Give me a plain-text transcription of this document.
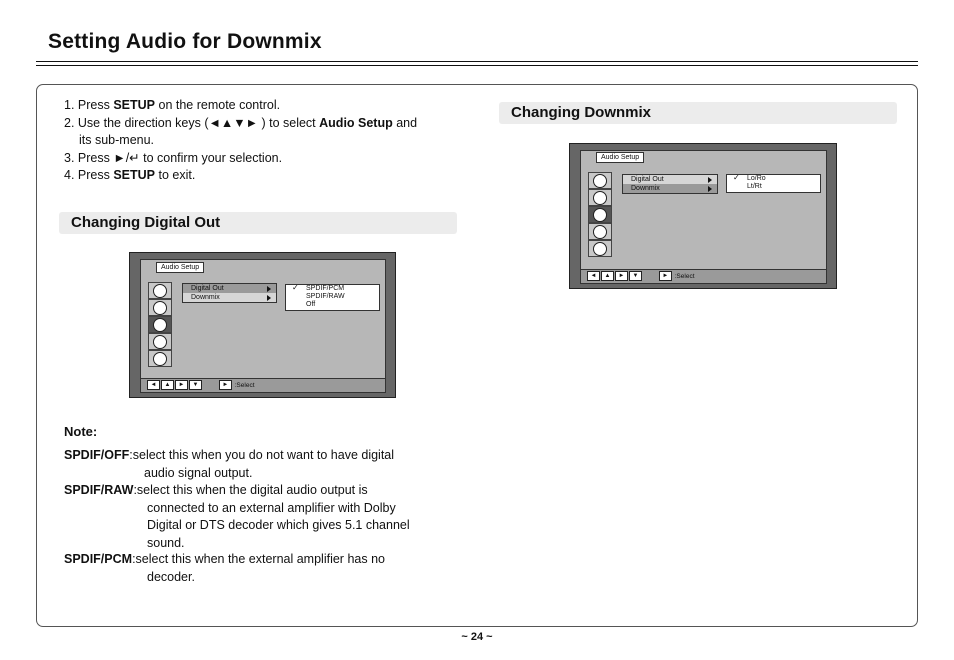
Setting Audio for Downmix
1. Press SETUP on the remote control.
2. Use the direction keys (◄▲▼► ) to select Audio Setup and
its sub-menu.
3. Press ►/↵ to confirm your selection.
4. Press SETUP to exit.
Changing Digital Out
Changing Downmix
Audio Setup
Digital Out
Downmix
✓ SPDIF/PCM
SPDIF/RAW
Off
◄ ▲ ► ▼	► :Select
Audio Setup
Digital Out
Downmix
✓ Lo/Ro
Lt/Rt
◄ ▲ ► ▼	► :Select
Note:
SPDIF/OFF:select this when you do not want to have digital
audio signal output.
SPDIF/RAW:select this when the digital audio output is
connected to an external amplifier with Dolby
Digital or DTS decoder which gives 5.1 channel
sound.
SPDIF/PCM:select this when the external amplifier has no
decoder.
~ 24 ~
